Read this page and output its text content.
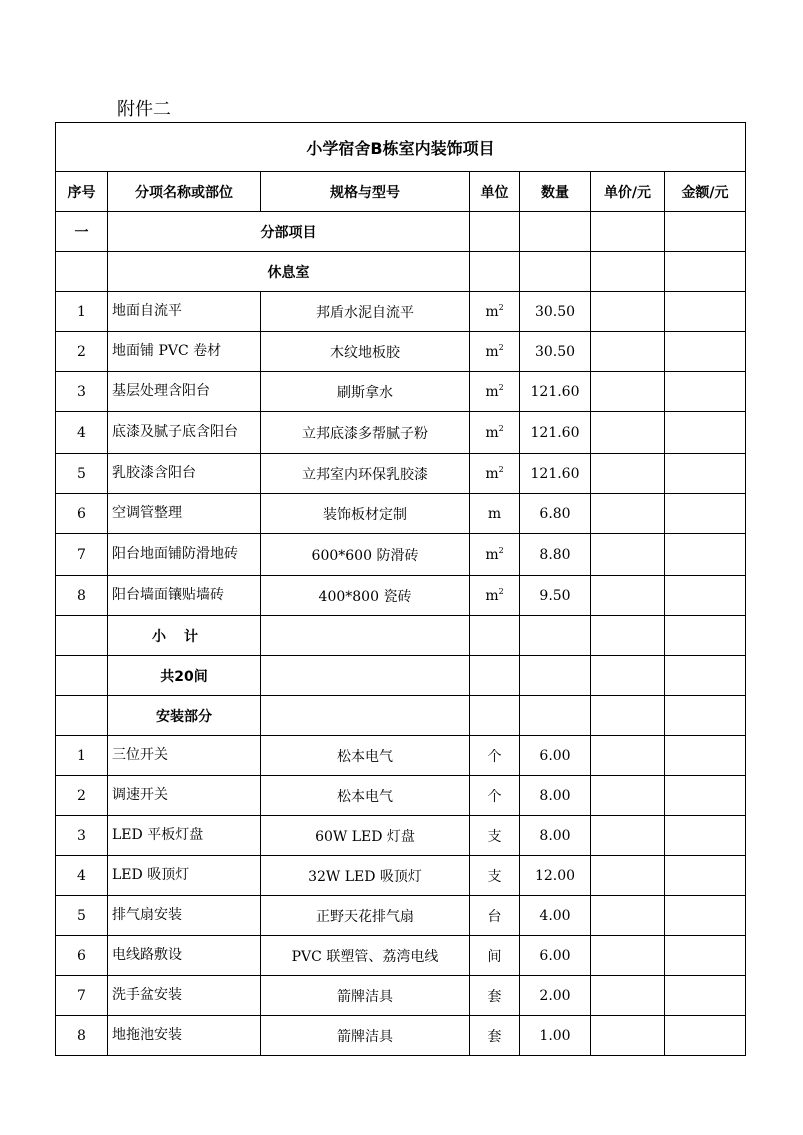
附件二
小学宿舍B栋室内装饰项目						
序号	分项名称或部位	规格与型号	单位	数量	单价/元	金额/元
一	分部项目					
	休息室					
1	地面自流平	邦盾水泥自流平	$m^2$	30.50		
2	地面铺 PVC 卷材	木纹地板胶	$m^2$	30.50		
3	基层处理含阳台	刷斯拿水	$m^2$	121.60		
4	底漆及腻子底含阳台	立邦底漆多帮腻子粉	$m^2$	121.60		
5	乳胶漆含阳台	立邦室内环保乳胶漆	$m^2$	121.60		
6	空调管整理	装饰板材定制	m	6.80		
7	阳台地面铺防滑地砖	600*600 防滑砖	$m^2$	8.80		
8	阳台墙面镶贴墙砖	400*800 瓷砖	$m^2$	9.50		
	小计					
	共20间					
	安装部分					
1	三位开关	松本电气	个	6.00		
2	调速开关	松本电气	个	8.00		
3	LED 平板灯盘	60W LED 灯盘	支	8.00		
4	LED 吸顶灯	32W LED 吸顶灯	支	12.00		
5	排气扇安装	正野天花排气扇	台	4.00		
6	电线路敷设	PVC 联塑管、荔湾电线	间	6.00		
7	洗手盆安装	箭牌洁具	套	2.00		
8	地拖池安装	箭牌洁具	套	1.00		
